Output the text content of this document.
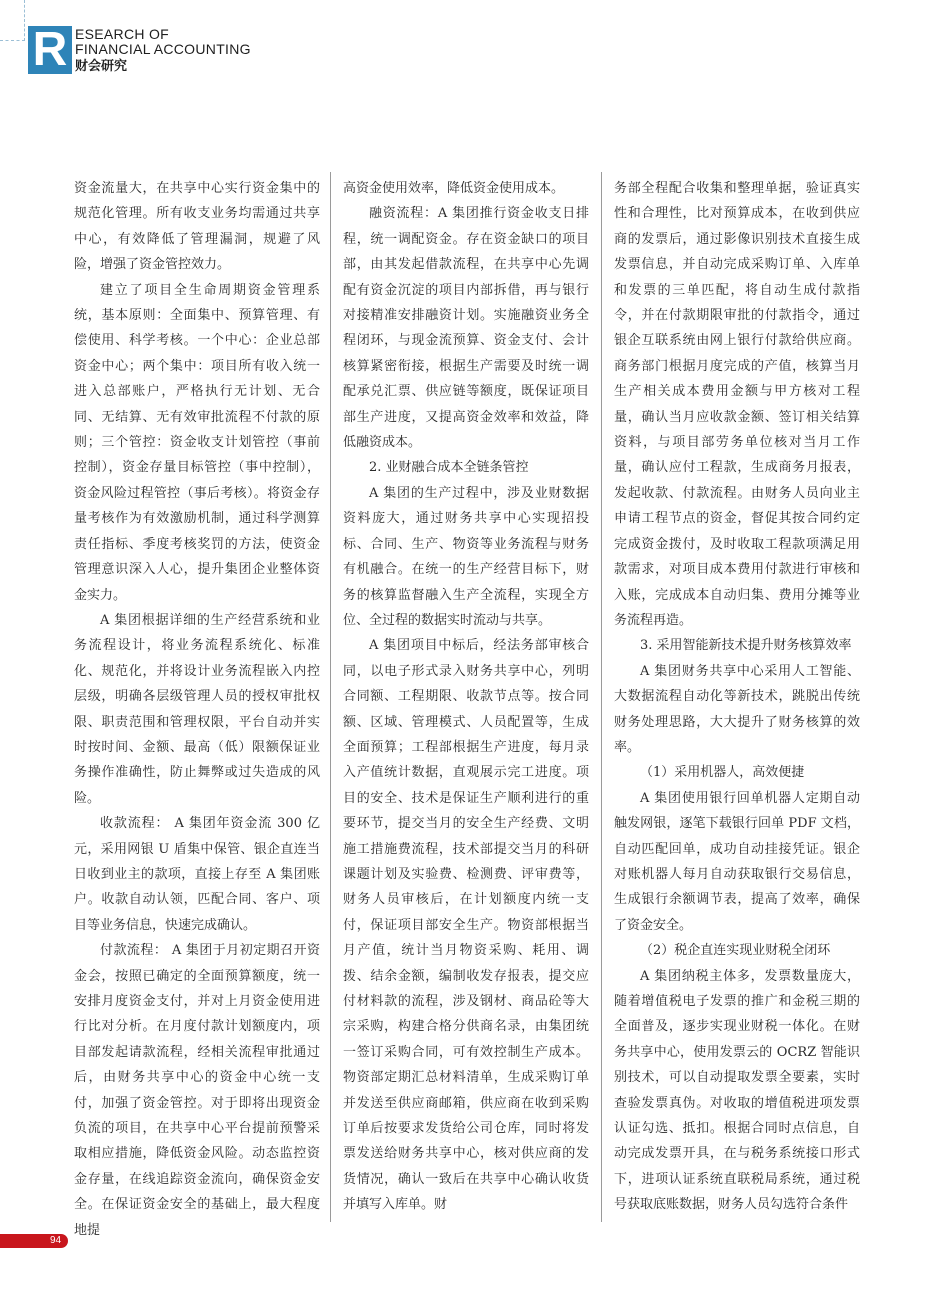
R ESEARCH OF
FINANCIAL ACCOUNTING
财会研究

资金流量大，在共享中心实行资金集中的规范化管理。所有收支业务均需通过共享中心，有效降低了管理漏洞，规避了风险，增强了资金管控效力。

建立了项目全生命周期资金管理系统，基本原则：全面集中、预算管理、有偿使用、科学考核。一个中心：企业总部资金中心；两个集中：项目所有收入统一进入总部账户，严格执行无计划、无合同、无结算、无有效审批流程不付款的原则；三个管控：资金收支计划管控（事前控制），资金存量目标管控（事中控制），资金风险过程管控（事后考核）。将资金存量考核作为有效激励机制，通过科学测算责任指标、季度考核奖罚的方法，使资金管理意识深入人心，提升集团企业整体资金实力。

A 集团根据详细的生产经营系统和业务流程设计，将业务流程系统化、标准化、规范化，并将设计业务流程嵌入内控层级，明确各层级管理人员的授权审批权限、职责范围和管理权限，平台自动并实时按时间、金额、最高（低）限额保证业务操作准确性，防止舞弊或过失造成的风险。

收款流程： A 集团年资金流 300 亿元，采用网银 U 盾集中保管、银企直连当日收到业主的款项，直接上存至 A 集团账户。收款自动认领，匹配合同、客户、项目等业务信息，快速完成确认。

付款流程： A 集团于月初定期召开资金会，按照已确定的全面预算额度，统一安排月度资金支付，并对上月资金使用进行比对分析。在月度付款计划额度内，项目部发起请款流程，经相关流程审批通过后，由财务共享中心的资金中心统一支付，加强了资金管控。对于即将出现资金负流的项目，在共享中心平台提前预警采取相应措施，降低资金风险。动态监控资金存量，在线追踪资金流向，确保资金安全。在保证资金安全的基础上，最大程度地提

高资金使用效率，降低资金使用成本。

融资流程：A 集团推行资金收支日排程，统一调配资金。存在资金缺口的项目部，由其发起借款流程，在共享中心先调配有资金沉淀的项目内部拆借，再与银行对接精准安排融资计划。实施融资业务全程闭环，与现金流预算、资金支付、会计核算紧密衔接，根据生产需要及时统一调配承兑汇票、供应链等额度，既保证项目部生产进度，又提高资金效率和效益，降低融资成本。

2. 业财融合成本全链条管控

A 集团的生产过程中，涉及业财数据资料庞大，通过财务共享中心实现招投标、合同、生产、物资等业务流程与财务有机融合。在统一的生产经营目标下，财务的核算监督融入生产全流程，实现全方位、全过程的数据实时流动与共享。

A 集团项目中标后，经法务部审核合同，以电子形式录入财务共享中心，列明合同额、工程期限、收款节点等。按合同额、区域、管理模式、人员配置等，生成全面预算；工程部根据生产进度，每月录入产值统计数据，直观展示完工进度。项目的安全、技术是保证生产顺利进行的重要环节，提交当月的安全生产经费、文明施工措施费流程，技术部提交当月的科研课题计划及实验费、检测费、评审费等，财务人员审核后，在计划额度内统一支付，保证项目部安全生产。物资部根据当月产值，统计当月物资采购、耗用、调拨、结余金额，编制收发存报表，提交应付材料款的流程，涉及钢材、商品砼等大宗采购，构建合格分供商名录，由集团统一签订采购合同，可有效控制生产成本。物资部定期汇总材料清单，生成采购订单并发送至供应商邮箱，供应商在收到采购订单后按要求发货给公司仓库，同时将发票发送给财务共享中心，核对供应商的发货情况，确认一致后在共享中心确认收货并填写入库单。财

务部全程配合收集和整理单据，验证真实性和合理性，比对预算成本，在收到供应商的发票后，通过影像识别技术直接生成发票信息，并自动完成采购订单、入库单和发票的三单匹配，将自动生成付款指令，并在付款期限审批的付款指令，通过银企互联系统由网上银行付款给供应商。商务部门根据月度完成的产值，核算当月生产相关成本费用金额与甲方核对工程量，确认当月应收款金额、签订相关结算资料，与项目部劳务单位核对当月工作量，确认应付工程款，生成商务月报表，发起收款、付款流程。由财务人员向业主申请工程节点的资金，督促其按合同约定完成资金拨付，及时收取工程款项满足用款需求，对项目成本费用付款进行审核和入账，完成成本自动归集、费用分摊等业务流程再造。

3. 采用智能新技术提升财务核算效率

A 集团财务共享中心采用人工智能、大数据流程自动化等新技术，跳脱出传统财务处理思路，大大提升了财务核算的效率。

（1）采用机器人，高效便捷

A 集团使用银行回单机器人定期自动触发网银，逐笔下载银行回单 PDF 文档，自动匹配回单，成功自动挂接凭证。银企对账机器人每月自动获取银行交易信息，生成银行余额调节表，提高了效率，确保了资金安全。

（2）税企直连实现业财税全闭环

A 集团纳税主体多，发票数量庞大，随着增值税电子发票的推广和金税三期的全面普及，逐步实现业财税一体化。在财务共享中心，使用发票云的 OCRZ 智能识别技术，可以自动提取发票全要素，实时查验发票真伪。对收取的增值税进项发票认证勾选、抵扣。根据合同时点信息，自动完成发票开具，在与税务系统接口形式下，进项认证系统直联税局系统，通过税号获取底账数据，财务人员勾选符合条件

94
